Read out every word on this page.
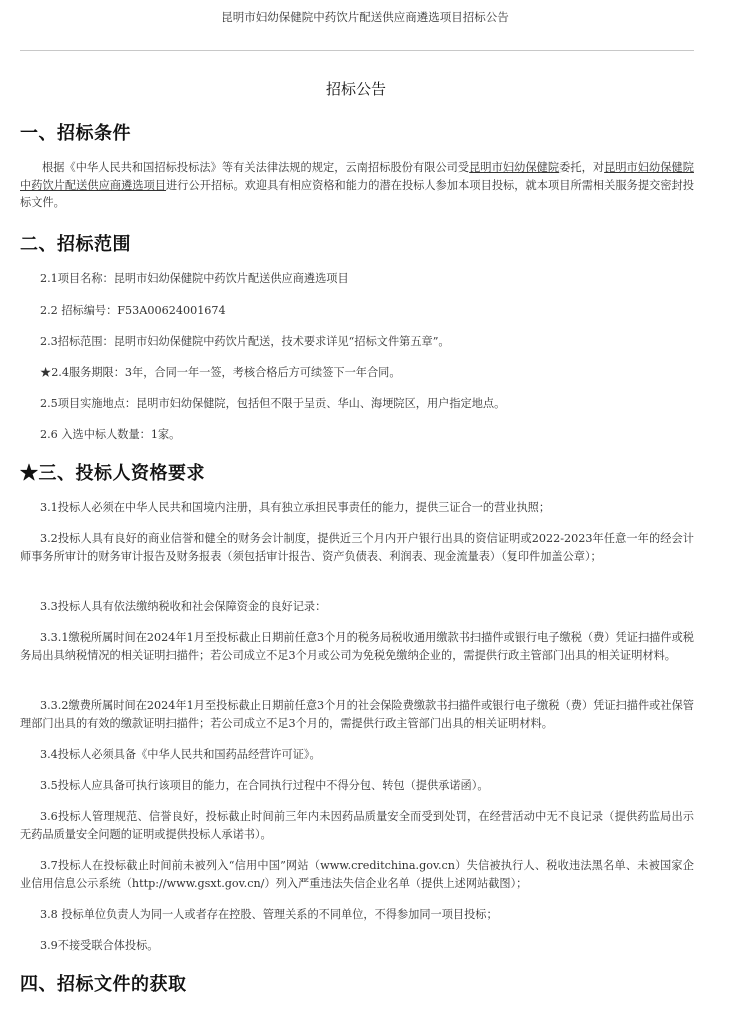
昆明市妇幼保健院中药饮片配送供应商遴选项目招标公告
招标公告
一、招标条件

根据《中华人民共和国招标投标法》等有关法律法规的规定，云南招标股份有限公司受昆明市妇幼保健院委托，对昆明市妇幼保健院中药饮片配送供应商遴选项目进行公开招标。欢迎具有相应资格和能力的潜在投标人参加本项目投标，就本项目所需相关服务提交密封投标文件。

二、招标范围

2.1项目名称：昆明市妇幼保健院中药饮片配送供应商遴选项目

2.2 招标编号：F53A00624001674

2.3招标范围：昆明市妇幼保健院中药饮片配送，技术要求详见“招标文件第五章”。

★2.4服务期限：3年，合同一年一签，考核合格后方可续签下一年合同。

2.5项目实施地点：昆明市妇幼保健院，包括但不限于呈贡、华山、海埂院区，用户指定地点。

2.6 入选中标人数量：1家。

★三、投标人资格要求

3.1投标人必须在中华人民共和国境内注册，具有独立承担民事责任的能力，提供三证合一的营业执照；

3.2投标人具有良好的商业信誉和健全的财务会计制度，提供近三个月内开户银行出具的资信证明或2022-2023年任意一年的经会计师事务所审计的财务审计报告及财务报表（须包括审计报告、资产负债表、利润表、现金流量表）（复印件加盖公章）；

3.3投标人具有依法缴纳税收和社会保障资金的良好记录：

3.3.1缴税所属时间在2024年1月至投标截止日期前任意3个月的税务局税收通用缴款书扫描件或银行电子缴税（费）凭证扫描件或税务局出具纳税情况的相关证明扫描件；若公司成立不足3个月或公司为免税免缴纳企业的，需提供行政主管部门出具的相关证明材料。

3.3.2缴费所属时间在2024年1月至投标截止日期前任意3个月的社会保险费缴款书扫描件或银行电子缴税（费）凭证扫描件或社保管理部门出具的有效的缴款证明扫描件；若公司成立不足3个月的，需提供行政主管部门出具的相关证明材料。

3.4投标人必须具备《中华人民共和国药品经营许可证》。

3.5投标人应具备可执行该项目的能力，在合同执行过程中不得分包、转包（提供承诺函）。

3.6投标人管理规范、信誉良好，投标截止时间前三年内未因药品质量安全而受到处罚，在经营活动中无不良记录（提供药监局出示无药品质量安全问题的证明或提供投标人承诺书）。

3.7投标人在投标截止时间前未被列入“信用中国”网站（www.creditchina.gov.cn）失信被执行人、税收违法黑名单、未被国家企业信用信息公示系统（http://www.gsxt.gov.cn/）列入严重违法失信企业名单（提供上述网站截图）；

3.8 投标单位负责人为同一人或者存在控股、管理关系的不同单位，不得参加同一项目投标；

3.9不接受联合体投标。

四、招标文件的获取
